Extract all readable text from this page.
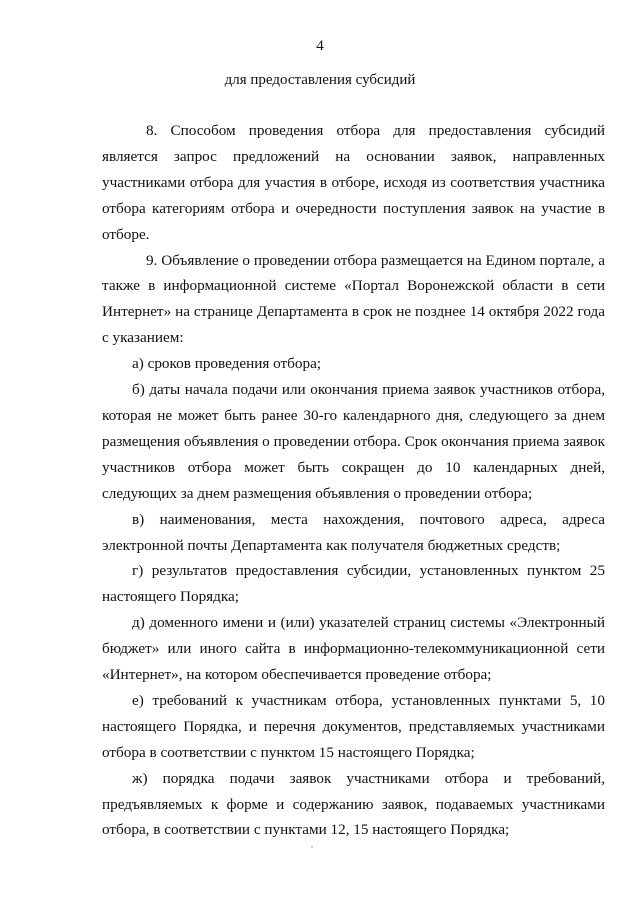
4
для предоставления субсидий

8. Способом проведения отбора для предоставления субсидий является запрос предложений на основании заявок, направленных участниками отбора для участия в отборе, исходя из соответствия участника отбора категориям отбора и очередности поступления заявок на участие в отборе.

9. Объявление о проведении отбора размещается на Едином портале, а также в информационной системе «Портал Воронежской области в сети Интернет» на странице Департамента в срок не позднее 14 октября 2022 года с указанием:

а) сроков проведения отбора;

б) даты начала подачи или окончания приема заявок участников отбора, которая не может быть ранее 30-го календарного дня, следующего за днем размещения объявления о проведении отбора. Срок окончания приема заявок участников отбора может быть сокращен до 10 календарных дней, следующих за днем размещения объявления о проведении отбора;

в) наименования, места нахождения, почтового адреса, адреса электронной почты Департамента как получателя бюджетных средств;

г) результатов предоставления субсидии, установленных пунктом 25 настоящего Порядка;

д) доменного имени и (или) указателей страниц системы «Электронный бюджет» или иного сайта в информационно-телекоммуникационной сети «Интернет», на котором обеспечивается проведение отбора;

е) требований к участникам отбора, установленных пунктами 5, 10 настоящего Порядка, и перечня документов, представляемых участниками отбора в соответствии с пунктом 15 настоящего Порядка;

ж) порядка подачи заявок участниками отбора и требований, предъявляемых к форме и содержанию заявок, подаваемых участниками отбора, в соответствии с пунктами 12, 15 настоящего Порядка;
